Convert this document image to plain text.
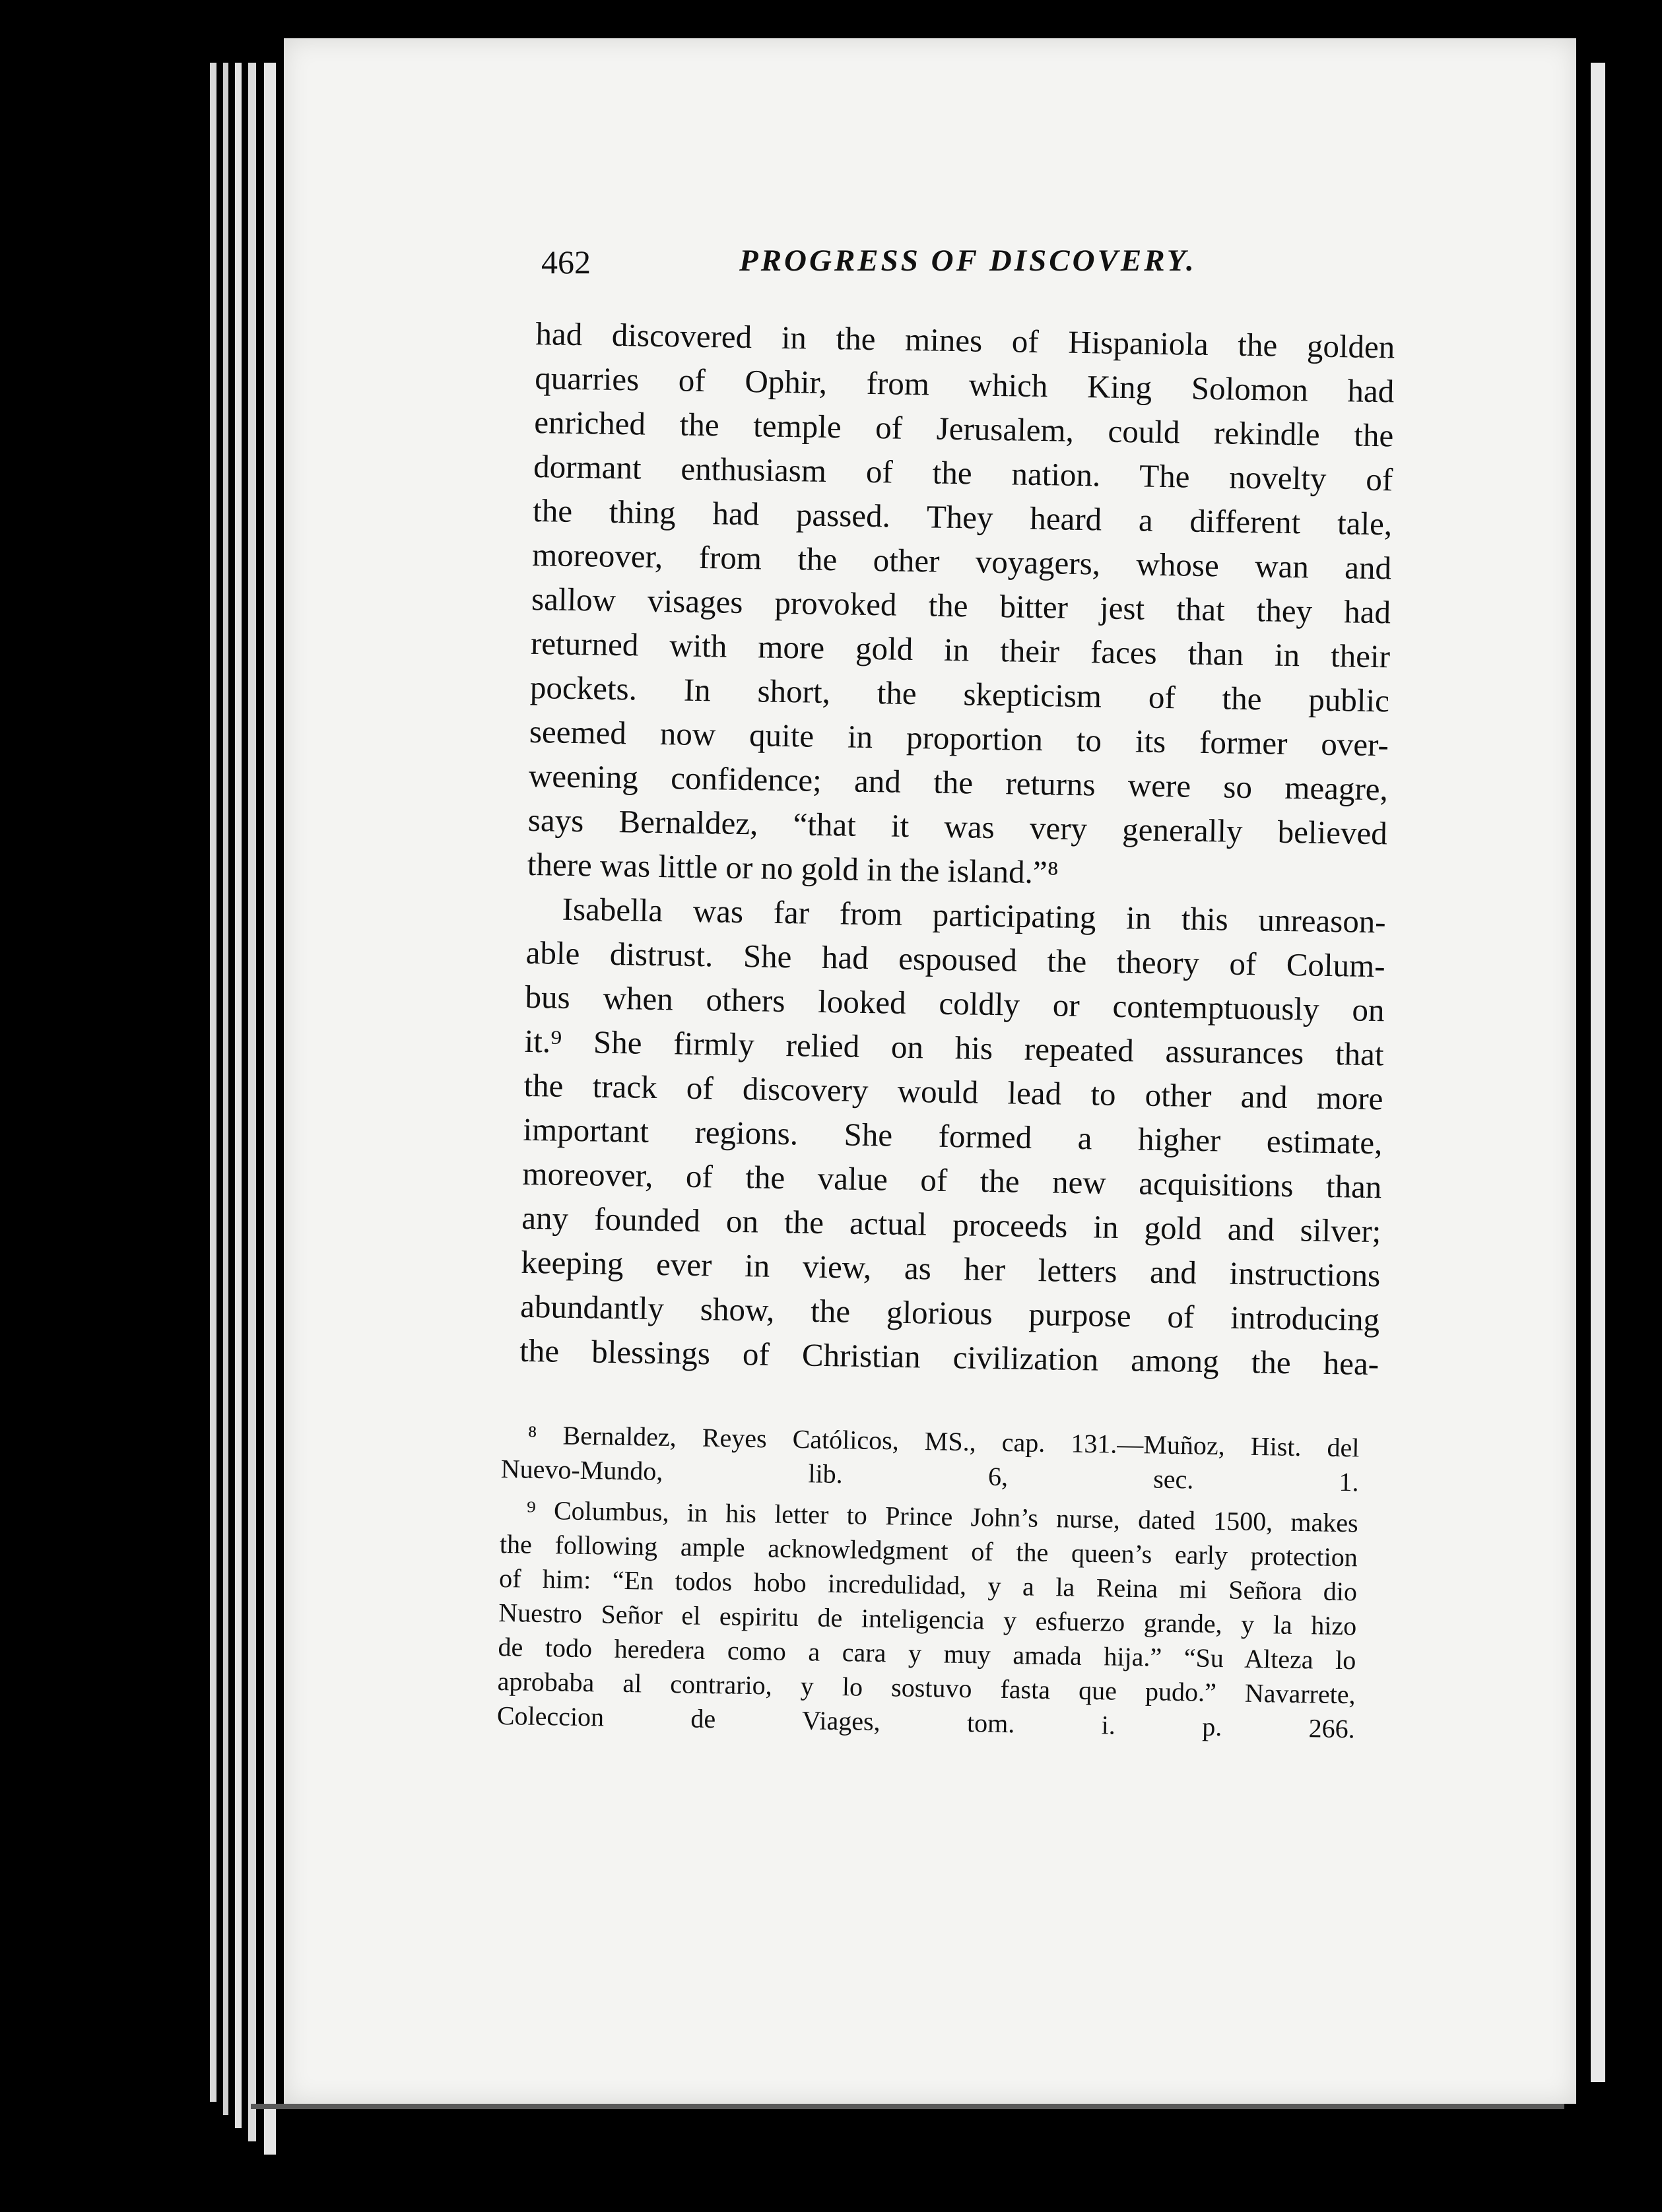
462	PROGRESS OF DISCOVERY.
had discovered in the mines of Hispaniola the golden
quarries of Ophir, from which King Solomon had
enriched the temple of Jerusalem, could rekindle the
dormant enthusiasm of the nation. The novelty of
the thing had passed. They heard a different tale,
moreover, from the other voyagers, whose wan and
sallow visages provoked the bitter jest that they had
returned with more gold in their faces than in their
pockets. In short, the skepticism of the public
seemed now quite in proportion to its former over-
weening confidence; and the returns were so meagre,
says Bernaldez, “that it was very generally believed
there was little or no gold in the island.”⁸
Isabella was far from participating in this unreason-
able distrust. She had espoused the theory of Colum-
bus when others looked coldly or contemptuously on
it.⁹ She firmly relied on his repeated assurances that
the track of discovery would lead to other and more
important regions. She formed a higher estimate,
moreover, of the value of the new acquisitions than
any founded on the actual proceeds in gold and silver;
keeping ever in view, as her letters and instructions
abundantly show, the glorious purpose of introducing
the blessings of Christian civilization among the hea-
⁸ Bernaldez, Reyes Católicos, MS., cap. 131.—Muñoz, Hist. del
Nuevo-Mundo, lib. 6, sec. 1.
⁹ Columbus, in his letter to Prince John’s nurse, dated 1500, makes
the following ample acknowledgment of the queen’s early protection
of him: “En todos hobo incredulidad, y a la Reina mi Señora dio
Nuestro Señor el espiritu de inteligencia y esfuerzo grande, y la hizo
de todo heredera como a cara y muy amada hija.” “Su Alteza lo
aprobaba al contrario, y lo sostuvo fasta que pudo.” Navarrete,
Coleccion de Viages, tom. i. p. 266.
